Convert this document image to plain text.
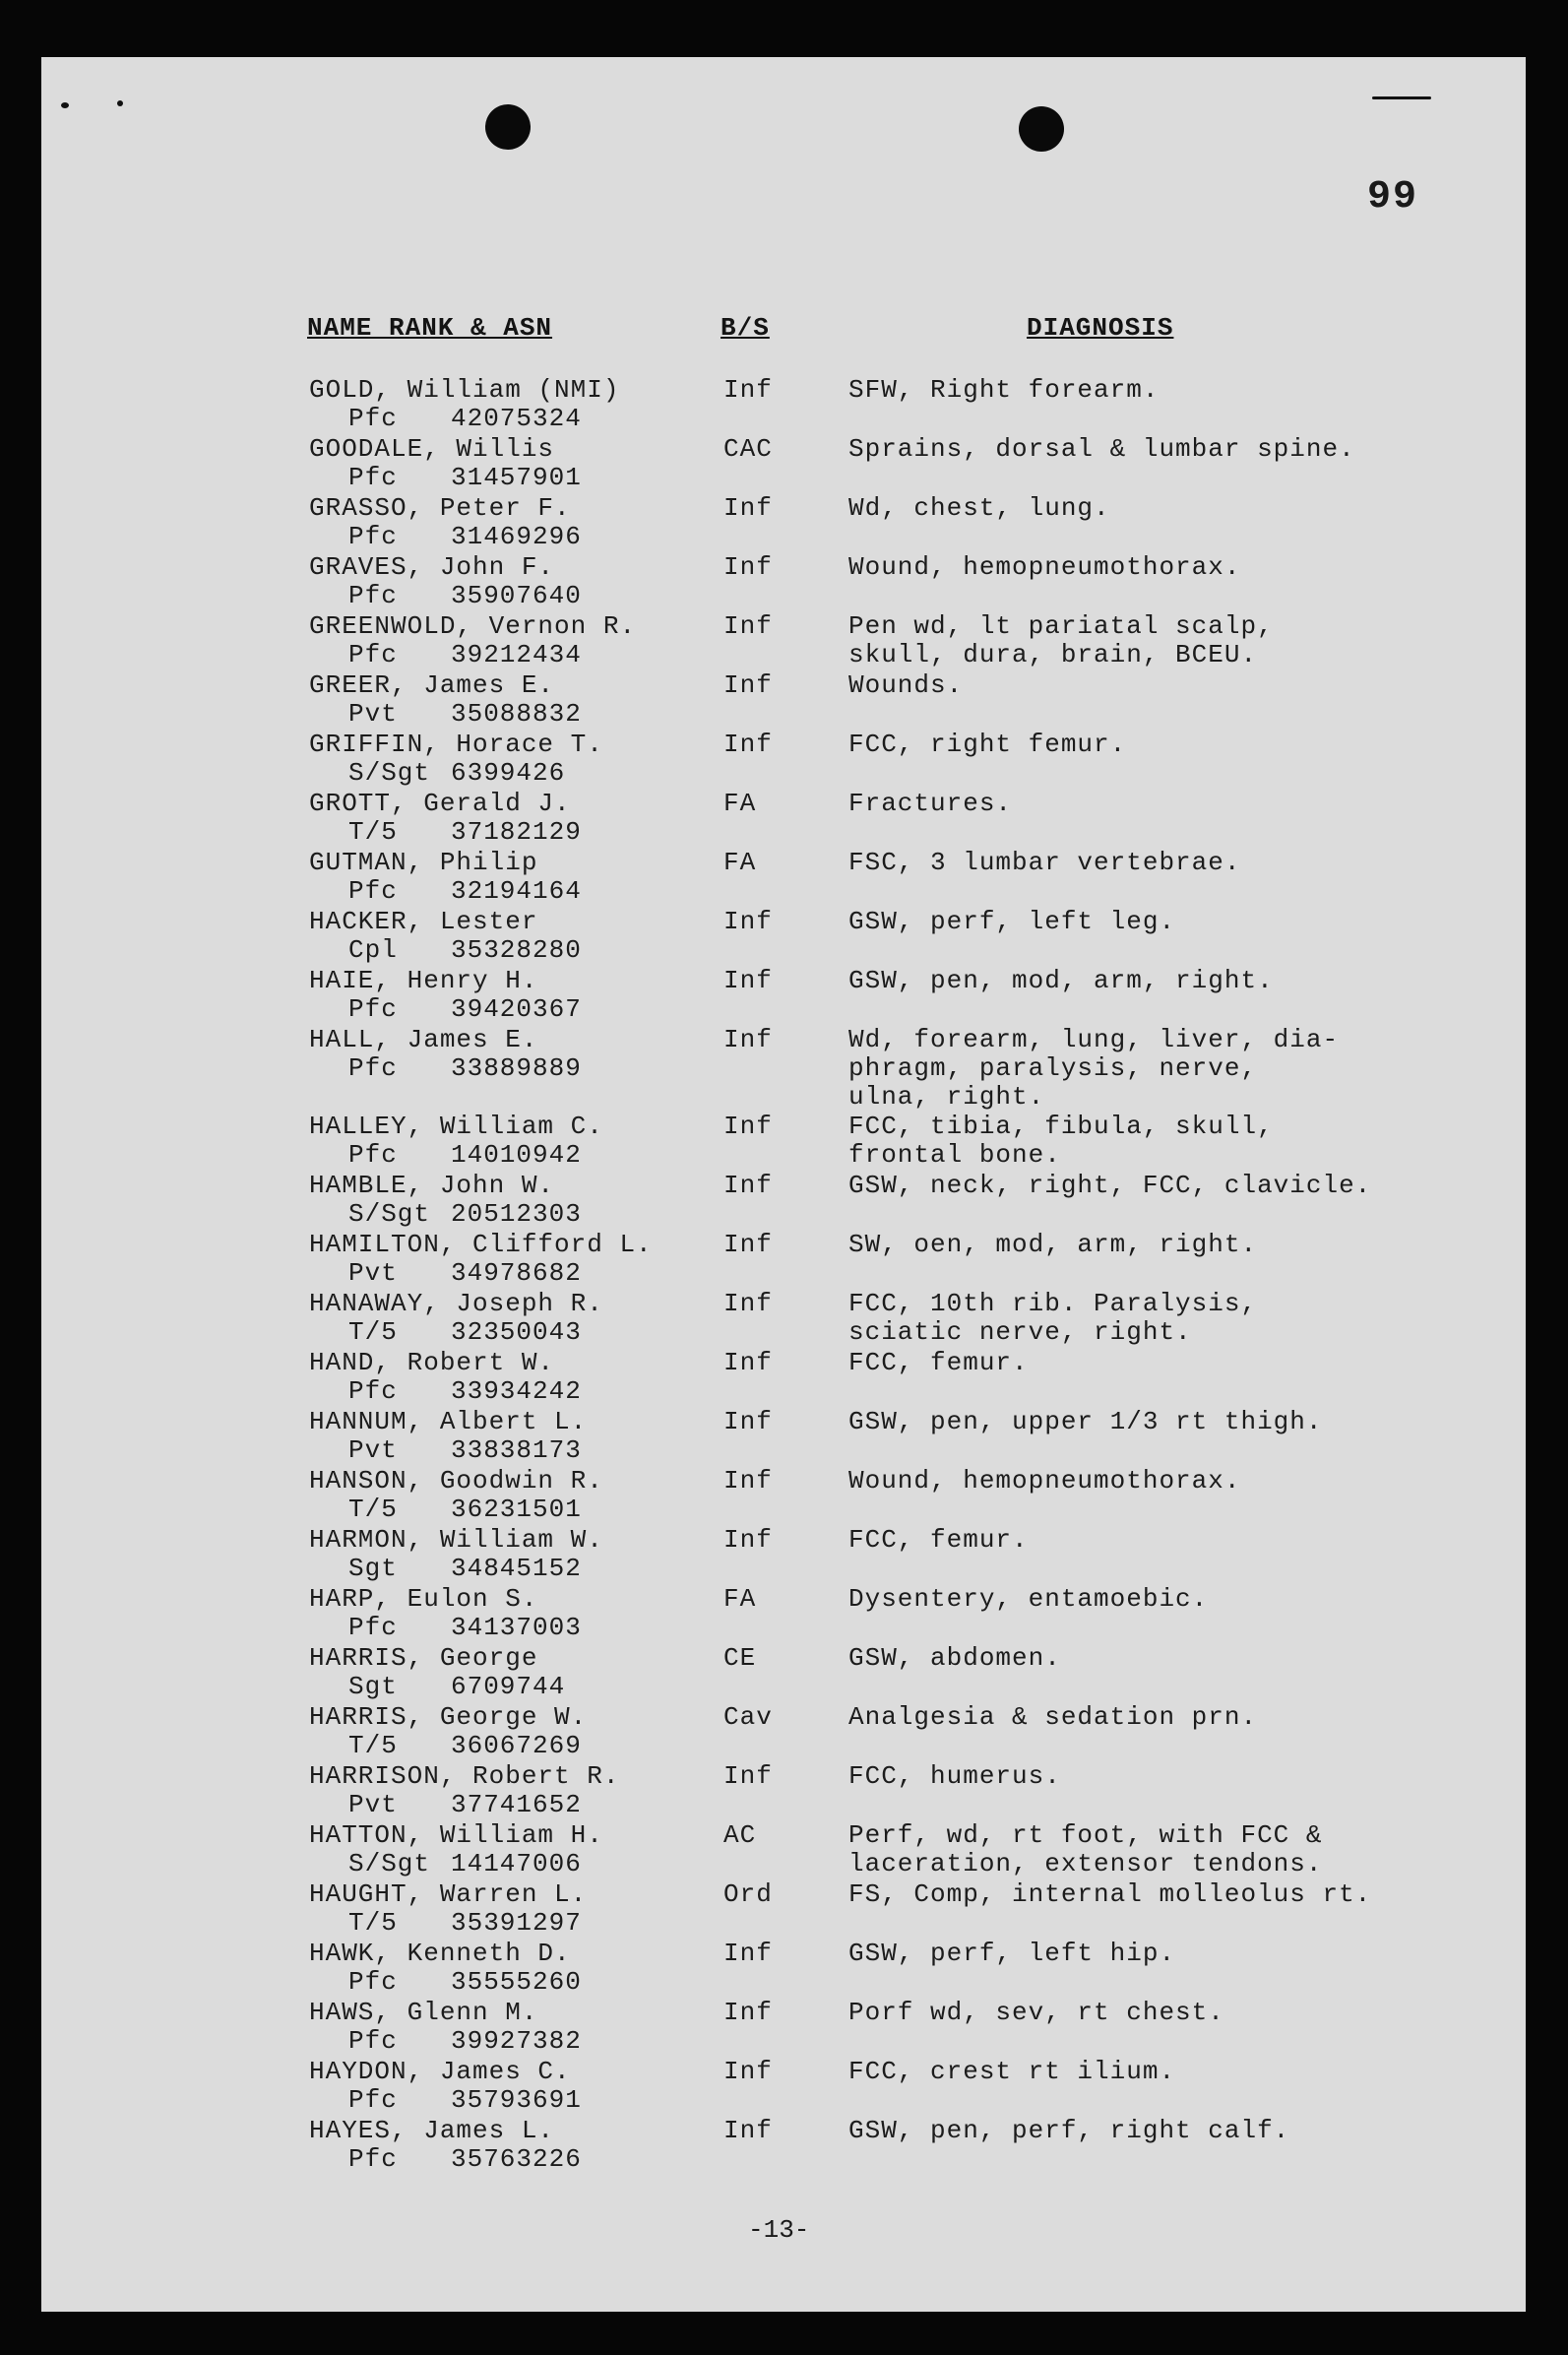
99
NAME RANK & ASN	B/S	DIAGNOSIS
GOLD, William (NMI)
Pfc 42075324
Inf	SFW, Right forearm.
GOODALE, Willis
Pfc 31457901
CAC	Sprains, dorsal & lumbar spine.
GRASSO, Peter F.
Pfc 31469296
Inf	Wd, chest, lung.
GRAVES, John F.
Pfc 35907640
Inf	Wound, hemopneumothorax.
GREENWOLD, Vernon R.
Pfc 39212434
Inf	Pen wd, lt pariatal scalp,
skull, dura, brain, BCEU.
GREER, James E.
Pvt 35088832
Inf	Wounds.
GRIFFIN, Horace T.
S/Sgt 6399426
Inf	FCC, right femur.
GROTT, Gerald J.
T/5 37182129
FA	Fractures.
GUTMAN, Philip
Pfc 32194164
FA	FSC, 3 lumbar vertebrae.
HACKER, Lester
Cpl 35328280
Inf	GSW, perf, left leg.
HAIE, Henry H.
Pfc 39420367
Inf	GSW, pen, mod, arm, right.
HALL, James E.
Pfc 33889889
Inf	Wd, forearm, lung, liver, dia-
phragm, paralysis, nerve,
ulna, right.
HALLEY, William C.
Pfc 14010942
Inf	FCC, tibia, fibula, skull,
frontal bone.
HAMBLE, John W.
S/Sgt 20512303
Inf	GSW, neck, right, FCC, clavicle.
HAMILTON, Clifford L.
Pvt 34978682
Inf	SW, oen, mod, arm, right.
HANAWAY, Joseph R.
T/5 32350043
Inf	FCC, 10th rib. Paralysis,
sciatic nerve, right.
HAND, Robert W.
Pfc 33934242
Inf	FCC, femur.
HANNUM, Albert L.
Pvt 33838173
Inf	GSW, pen, upper 1/3 rt thigh.
HANSON, Goodwin R.
T/5 36231501
Inf	Wound, hemopneumothorax.
HARMON, William W.
Sgt 34845152
Inf	FCC, femur.
HARP, Eulon S.
Pfc 34137003
FA	Dysentery, entamoebic.
HARRIS, George
Sgt 6709744
CE	GSW, abdomen.
HARRIS, George W.
T/5 36067269
Cav	Analgesia & sedation prn.
HARRISON, Robert R.
Pvt 37741652
Inf	FCC, humerus.
HATTON, William H.
S/Sgt 14147006
AC	Perf, wd, rt foot, with FCC &
laceration, extensor tendons.
HAUGHT, Warren L.
T/5 35391297
Ord	FS, Comp, internal molleolus rt.
HAWK, Kenneth D.
Pfc 35555260
Inf	GSW, perf, left hip.
HAWS, Glenn M.
Pfc 39927382
Inf	Porf wd, sev, rt chest.
HAYDON, James C.
Pfc 35793691
Inf	FCC, crest rt ilium.
HAYES, James L.
Pfc 35763226
Inf	GSW, pen, perf, right calf.
-13-
